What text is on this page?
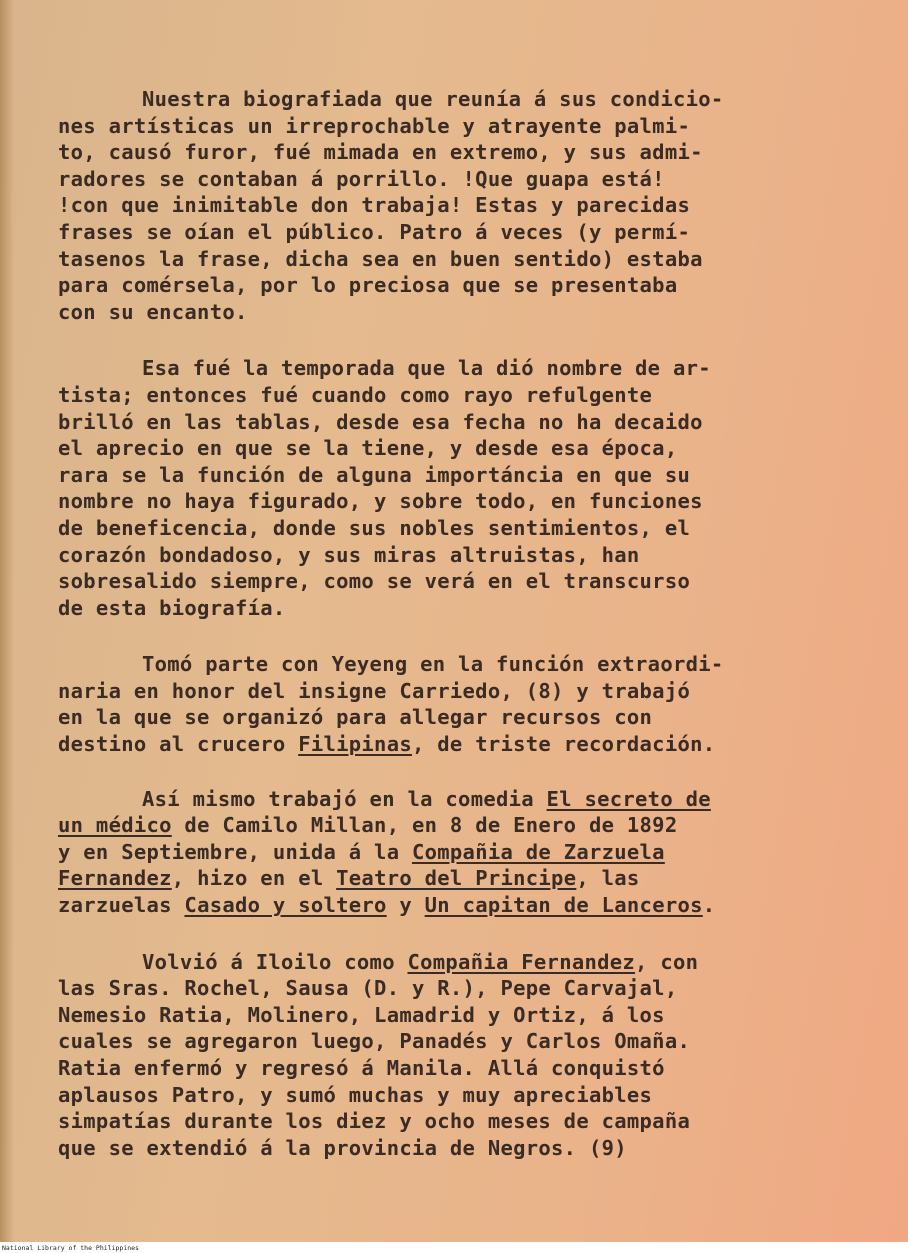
Nuestra biografiada que reunía á sus condicio-
nes artísticas un irreprochable y atrayente palmi-
to, causó furor, fué mimada en extremo, y sus admi-
radores se contaban á porrillo. !Que guapa está!
!con que inimitable don trabaja! Estas y parecidas
frases se oían el público. Patro á veces (y permí-
tasenos la frase, dicha sea en buen sentido) estaba
para comérsela, por lo preciosa que se presentaba
con su encanto.
Esa fué la temporada que la dió nombre de ar-
tista; entonces fué cuando como rayo refulgente
brilló en las tablas, desde esa fecha no ha decaido
el aprecio en que se la tiene, y desde esa época,
rara se la función de alguna importáncia en que su
nombre no haya figurado, y sobre todo, en funciones
de beneficencia, donde sus nobles sentimientos, el
corazón bondadoso, y sus miras altruistas, han
sobresalido siempre, como se verá en el transcurso
de esta biografía.
Tomó parte con Yeyeng en la función extraordi-
naria en honor del insigne Carriedo, (8) y trabajó
en la que se organizó para allegar recursos con
destino al crucero Filipinas, de triste recordación.
Así mismo trabajó en la comedia El secreto de
un médico de Camilo Millan, en 8 de Enero de 1892
y en Septiembre, unida á la Compañia de Zarzuela
Fernandez, hizo en el Teatro del Principe, las
zarzuelas Casado y soltero y Un capitan de Lanceros.
Volvió á Iloilo como Compañia Fernandez, con
las Sras. Rochel, Sausa (D. y R.), Pepe Carvajal,
Nemesio Ratia, Molinero, Lamadrid y Ortiz, á los
cuales se agregaron luego, Panadés y Carlos Omaña.
Ratia enfermó y regresó á Manila. Allá conquistó
aplausos Patro, y sumó muchas y muy apreciables
simpatías durante los diez y ocho meses de campaña
que se extendió á la provincia de Negros. (9)
National Library of the Philippines
